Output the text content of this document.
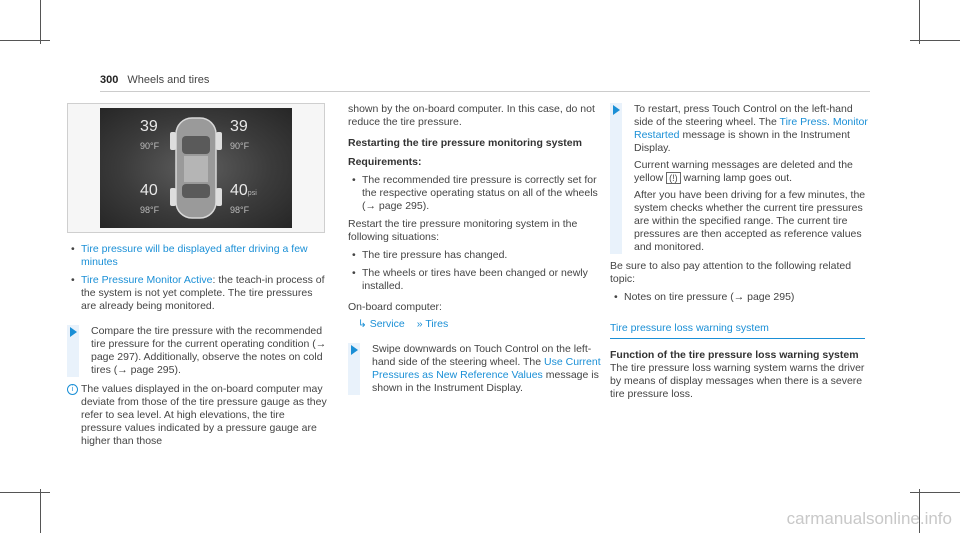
300 Wheels and tires
39
90°F
39
90°F
40
98°F
40psi
98°F
• Tire pressure will be displayed after driving a few minutes
• Tire Pressure Monitor Active: the teach-in process of the system is not yet complete. The tire pressures are already being monitored.
Compare the tire pressure with the recommended tire pressure for the current operating condition (→ page 297). Additionally, observe the notes on cold tires (→ page 295).
i The values displayed in the on-board computer may deviate from those of the tire pressure gauge as they refer to sea level. At high elevations, the tire pressure values indicated by a pressure gauge are higher than those
shown by the on-board computer. In this case, do not reduce the tire pressure.
Restarting the tire pressure monitoring system
Requirements:
• The recommended tire pressure is correctly set for the respective operating status on all of the wheels (→ page 295).
Restart the tire pressure monitoring system in the following situations:
• The tire pressure has changed.
• The wheels or tires have been changed or newly installed.
On-board computer:
↳ Service » Tires
Swipe downwards on Touch Control on the left-hand side of the steering wheel. The Use Current Pressures as New Reference Values message is shown in the Instrument Display.
To restart, press Touch Control on the left-hand side of the steering wheel. The Tire Press. Monitor Restarted message is shown in the Instrument Display.
Current warning messages are deleted and the yellow (!) warning lamp goes out.
After you have been driving for a few minutes, the system checks whether the current tire pressures are within the specified range. The current tire pressures are then accepted as reference values and monitored.
Be sure to also pay attention to the following related topic:
• Notes on tire pressure (→ page 295)
Tire pressure loss warning system
Function of the tire pressure loss warning system
The tire pressure loss warning system warns the driver by means of display messages when there is a severe tire pressure loss.
carmanualsonline.info
